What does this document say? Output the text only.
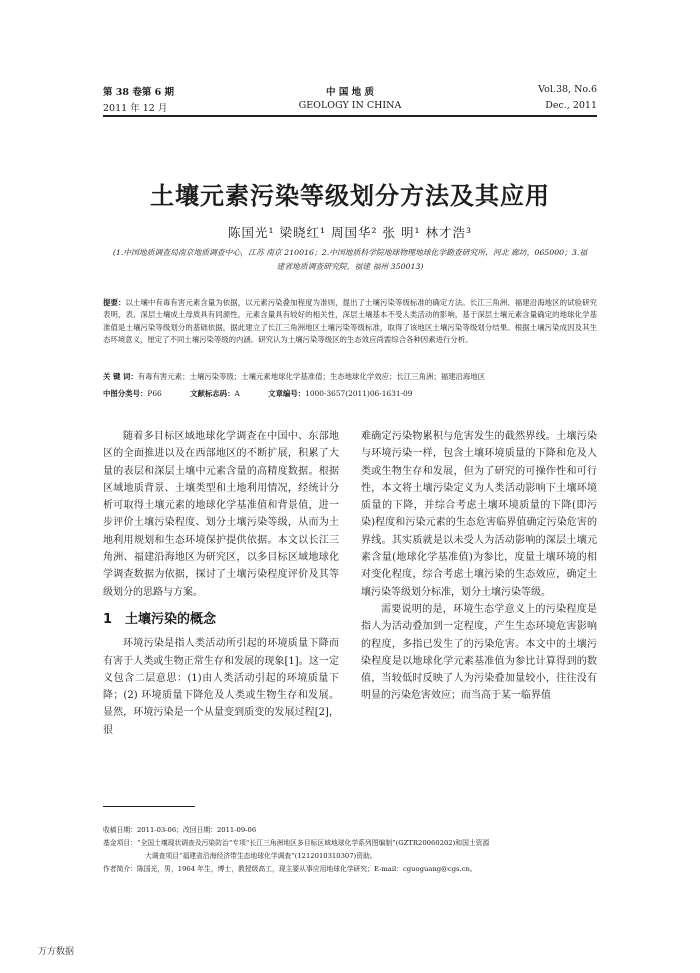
第 38 卷第 6 期
2011 年 12 月
中 国 地 质
GEOLOGY IN CHINA
Vol.38, No.6
Dec., 2011
土壤元素污染等级划分方法及其应用
陈国光¹ 梁晓红¹ 周国华² 张 明¹ 林才浩³
(1.中国地质调查局南京地质调查中心，江苏 南京 210016；2.中国地质科学院地球物理地球化学勘查研究所，河北 廊坊，065000；3.福建省地质调查研究院，福建 福州 350013)
提要：以土壤中有毒有害元素含量为依据，以元素污染叠加程度为准则，提出了土壤污染等级标准的确定方法。长江三角洲、福建沿海地区的试验研究表明，表、深层土壤成土母质具有同源性，元素含量具有较好的相关性，深层土壤基本不受人类活动的影响，基于深层土壤元素含量确定的地球化学基准值是土壤污染等级划分的基础依据，据此建立了长江三角洲地区土壤污染等级标准，取得了该地区土壤污染等级划分结果。根据土壤污染成因及其生态环境意义，厘定了不同土壤污染等级的内涵。研究认为土壤污染等级区的生态效应尚需综合各种因素进行分析。
关 键 词：有毒有害元素；土壤污染等级；土壤元素地球化学基准值；生态地球化学效应；长江三角洲；福建沿海地区
中图分类号：P66	文献标志码：A	文章编号：1000-3657(2011)06-1631-09

随着多目标区域地球化学调查在中国中、东部地区的全面推进以及在西部地区的不断扩展，积累了大量的表层和深层土壤中元素含量的高精度数据。根据区域地质背景、土壤类型和土地利用情况，经统计分析可取得土壤元素的地球化学基准值和背景值，进一步评价土壤污染程度、划分土壤污染等级，从而为土地利用规划和生态环境保护提供依据。本文以长江三角洲、福建沿海地区为研究区，以多目标区域地球化学调查数据为依据，探讨了土壤污染程度评价及其等级划分的思路与方案。

1　土壤污染的概念

环境污染是指人类活动所引起的环境质量下降而有害于人类或生物正常生存和发展的现象[1]。这一定义包含二层意思：(1)由人类活动引起的环境质量下降；(2) 环境质量下降危及人类或生物生存和发展。显然，环境污染是一个从量变到质变的发展过程[2]，很

难确定污染物累积与危害发生的截然界线。土壤污染与环境污染一样，包含土壤环境质量的下降和危及人类或生物生存和发展，但为了研究的可操作性和可行性，本文将土壤污染定义为人类活动影响下土壤环境质量的下降，并综合考虑土壤环境质量的下降(即污染)程度和污染元素的生态危害临界值确定污染危害的界线。其实质就是以未受人为活动影响的深层土壤元素含量(地球化学基准值)为参比，度量土壤环境的相对变化程度，综合考虑土壤污染的生态效应，确定土壤污染等级划分标准，划分土壤污染等级。

需要说明的是，环境生态学意义上的污染程度是指人为活动叠加到一定程度，产生生态环境危害影响的程度，多指已发生了的污染危害。本文中的土壤污染程度是以地球化学元素基准值为参比计算得到的数值，当较低时反映了人为污染叠加量较小，往往没有明显的污染危害效应；而当高于某一临界值

收稿日期：2011-03-06；改回日期：2011-09-06
基金项目：“全国土壤现状调查及污染防治”专项“长江三角洲地区多目标区域地球化学系列图编制”(GZTR20060202)和国土资源
大调查项目“福建省沿海经济带生态地球化学调查”(1212010310307)资助。
作者简介：陈国光，男，1964 年生，博士，教授级高工，现主要从事应用地球化学研究；E-mail：cguoguang@cgs.cn。
万方数据
